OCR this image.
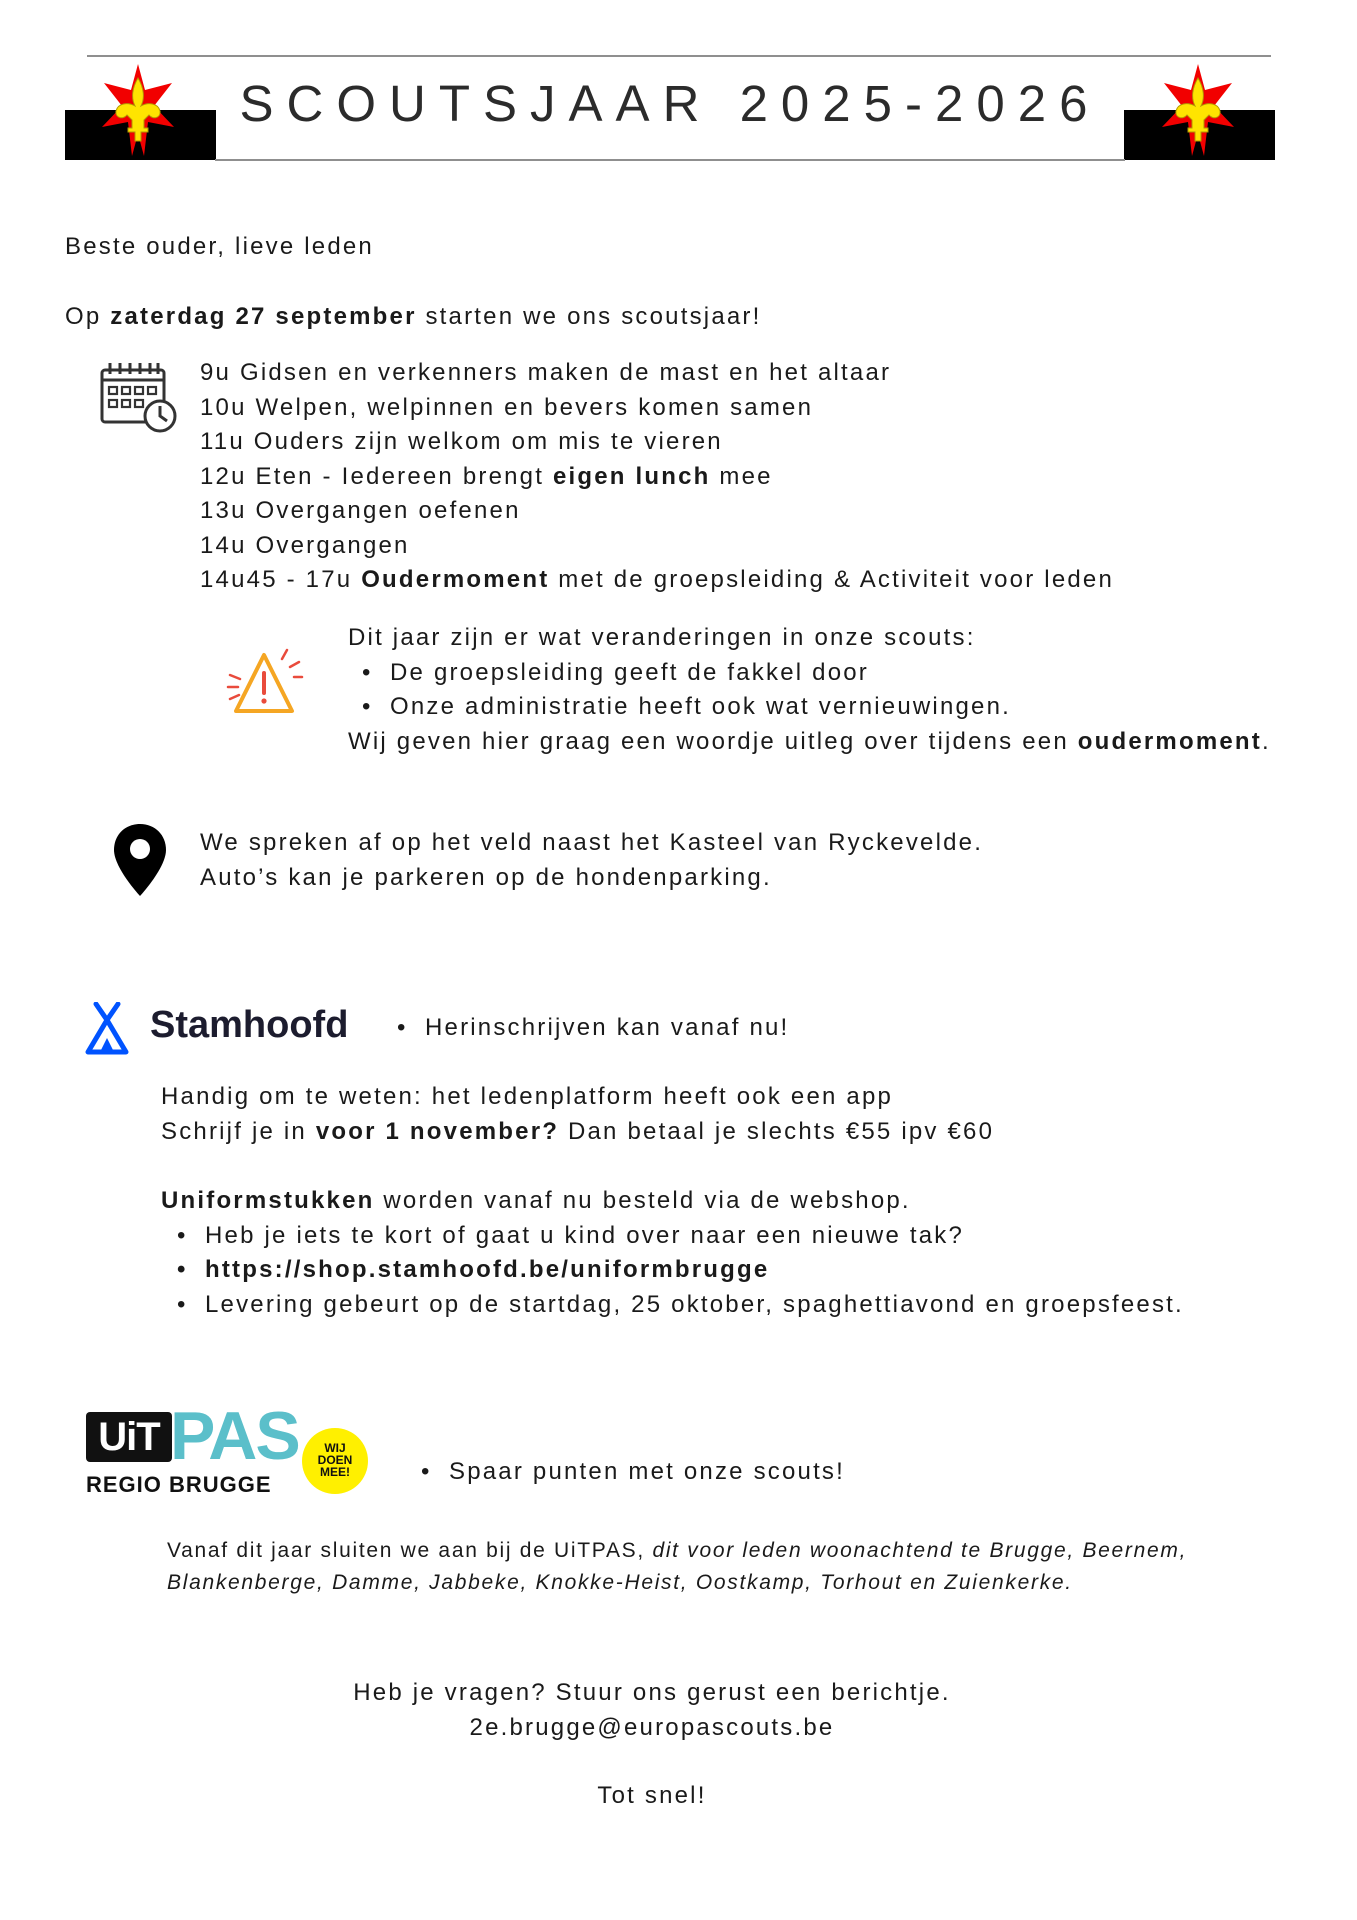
SCOUTSJAAR 2025-2026
Beste ouder, lieve leden
Op zaterdag 27 september starten we ons scoutsjaar!
9u Gidsen en verkenners maken de mast en het altaar
10u Welpen, welpinnen en bevers komen samen
11u Ouders zijn welkom om mis te vieren
12u Eten - Iedereen brengt eigen lunch mee
13u Overgangen oefenen
14u Overgangen
14u45 - 17u Oudermoment met de groepsleiding & Activiteit voor leden
Dit jaar zijn er wat veranderingen in onze scouts:
• De groepsleiding geeft de fakkel door
• Onze administratie heeft ook wat vernieuwingen.
Wij geven hier graag een woordje uitleg over tijdens een oudermoment.
We spreken af op het veld naast het Kasteel van Ryckevelde.
Auto’s kan je parkeren op de hondenparking.
Stamhoofd	• Herinschrijven kan vanaf nu!
Handig om te weten: het ledenplatform heeft ook een app
Schrijf je in voor 1 november? Dan betaal je slechts €55 ipv €60
Uniformstukken worden vanaf nu besteld via de webshop.
• Heb je iets te kort of gaat u kind over naar een nieuwe tak?
• https://shop.stamhoofd.be/uniformbrugge
• Levering gebeurt op de startdag, 25 oktober, spaghettiavond en groepsfeest.
UiT PAS
REGIO BRUGGE
WIJ
DOEN
MEE!	• Spaar punten met onze scouts!
Vanaf dit jaar sluiten we aan bij de UiTPAS, dit voor leden woonachtend te Brugge, Beernem,
Blankenberge, Damme, Jabbeke, Knokke-Heist, Oostkamp, Torhout en Zuienkerke.
Heb je vragen? Stuur ons gerust een berichtje.
2e.brugge@europascouts.be
Tot snel!
